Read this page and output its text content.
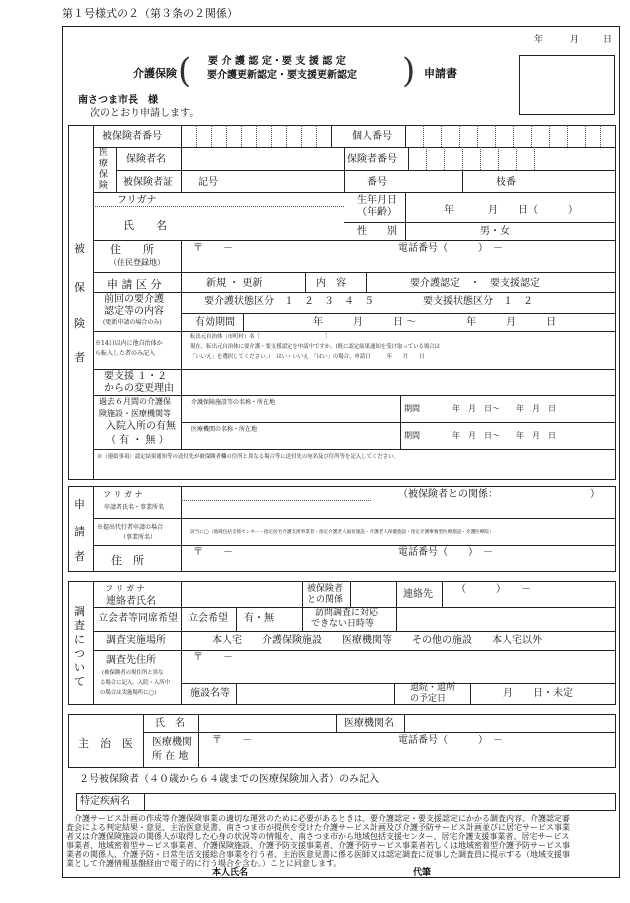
第１号様式の２（第３条の２関係）
年	月	日
介護保険 ( 要 介 護 認 定・要 支 援 認 定
要介護更新認定・要支援更新認定 ) 申請書
南さつま市長　様
次のとおり申請します。
被
保
険
者
被保険者番号	個人番号
医
療
保
険
保険者名	保険者番号
被保険者証	記号	番号	枝番
フリガナ
氏　　名
生年月日
（年齢）	年	月 日（　　　）
性　　別	男・女
住　　所
（住民登録地）
〒　　－	電話番号（　　　）　－
申 請 区 分	新規 ・ 更新	内　容	要介護認定　・　要支援認定
前回の要介護
認定等の内容
(更新申請の場合のみ)
要介護状態区分　１　２　３　４　５	要支援状態区分　１　２
有効期間	年　　　月　　　日 〜　　　　　年　　　月　　　日
※14日以内に他自治体か
ら転入した者のみ記入
転出元自治体（市町村）名［　　　　　　　　　　　　］
現在、転出元自治体に要介護・要支援認定を申請中ですか。(既に認定結果通知を受け取っている場合は
「いいえ」を選択してください。）　はい・いいえ　「はい」の場合、申請日　　　年　　月　　日
要支援 １・２
からの変更理由
過去６月間の介護保
険施設・医療機関等
入院入所の有無
（ 有 ・ 無 ）
介護保険施設等の名称・所在地
期間	年　月　日〜　　年　月　日
医療機関の名称・所在地
期間	年　月　日〜　　年　月　日
※（連絡事項）認定結果通知等の送付先が被保険者欄の住所と異なる場合等に送付先の宛名及び住所等を記入してください。
申
請
者
フ リ ガ ナ
申請者氏名・事業所名
（被保険者との関係：	）
※提出代行者申請の場合
（事業所名）
該当に◯（地域包括支援センター・指定居宅介護支援事業者・指定介護老人福祉施設・介護老人保健施設・指定介護療養型医療施設・介護医療院）
住　所
〒　　－	電話番号（　　）　－
調
査
に
つ
い
て
フ リ ガ ナ
連絡者氏名
被保険者
との関係	連絡先 （　　　）　　－
立会者等同席希望 立会希望 有・無	訪問調査に対応
できない日時等
調査実施場所	本人宅　　介護保険施設　　医療機関等　　その他の施設　　本人宅以外
調査先住所
(被保険者の現住所と異な
る場合に記入。入院・入所中
の場合は実施場所に◯)
〒　　－
施設名等	退院・退所
の予定日	月　　日・未定
主　治　医
氏　名	医療機関名
医療機関
所 在 地
〒　　－	電話番号（　　　）　－
２号被保険者（４０歳から６４歳までの医療保険加入者）のみ記入
特定疾病名
介護サービス計画の作成等介護保険事業の適切な運営のために必要があるときは、要介護認定・要支援認定にかかる調査内容、介護認定審
査会による判定結果・意見、主治医意見書、南さつま市が提供を受けた介護サービス計画及び介護予防サービス計画並びに居宅サービス事業
者又は介護保険施設の関係人が取得した心身の状況等の情報を、南さつま市から地域包括支援センター、居宅介護支援事業者、居宅サービス
事業者、地域密着型サービス事業者、介護保険施設、介護予防支援事業者、介護予防サービス事業者若しくは地域密着型介護予防サービス事
業者の関係人、介護予防・日常生活支援総合事業を行う者、主治医意見書に係る医師又は認定調査に従事した調査員に提示する（地域支援事
業として介護情報基盤経由で電子的に行う場合を含む。）ことに同意します。
本人氏名	代筆
